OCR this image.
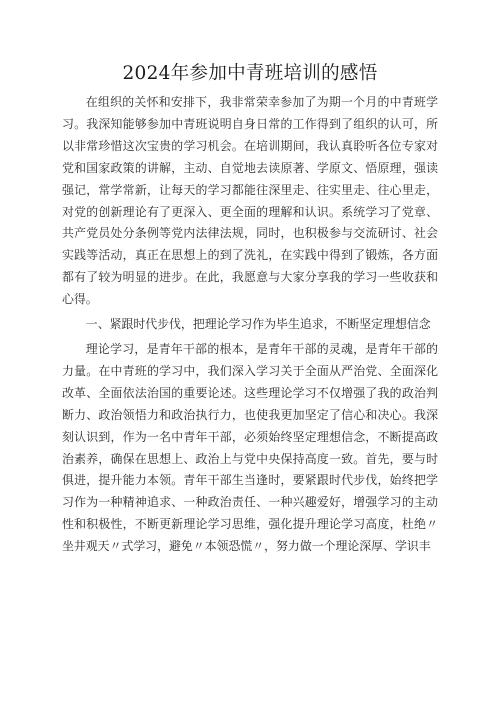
2024年参加中青班培训的感悟

在组织的关怀和安排下，我非常荣幸参加了为期一个月的中青班学习。我深知能够参加中青班说明自身日常的工作得到了组织的认可，所以非常珍惜这次宝贵的学习机会。在培训期间，我认真聆听各位专家对党和国家政策的讲解，主动、自觉地去读原著、学原文、悟原理，强读强记，常学常新，让每天的学习都能往深里走、往实里走、往心里走，对党的创新理论有了更深入、更全面的理解和认识。系统学习了党章、共产党员处分条例等党内法律法规，同时，也积极参与交流研讨、社会实践等活动，真正在思想上的到了洗礼，在实践中得到了锻炼，各方面都有了较为明显的进步。在此，我愿意与大家分享我的学习一些收获和心得。

一、紧跟时代步伐，把理论学习作为毕生追求，不断坚定理想信念

理论学习，是青年干部的根本，是青年干部的灵魂，是青年干部的力量。在中青班的学习中，我们深入学习关于全面从严治党、全面深化改革、全面依法治国的重要论述。这些理论学习不仅增强了我的政治判断力、政治领悟力和政治执行力，也使我更加坚定了信心和决心。我深刻认识到，作为一名中青年干部，必须始终坚定理想信念，不断提高政治素养，确保在思想上、政治上与党中央保持高度一致。首先，要与时俱进，提升能力本领。青年干部生当逢时，要紧跟时代步伐，始终把学习作为一种精神追求、一种政治责任、一种兴趣爱好，增强学习的主动性和积极性，不断更新理论学习思维，强化提升理论学习高度，杜绝〃坐井观天〃式学习，避免〃本领恐慌〃，努力做一个理论深厚、学识丰
